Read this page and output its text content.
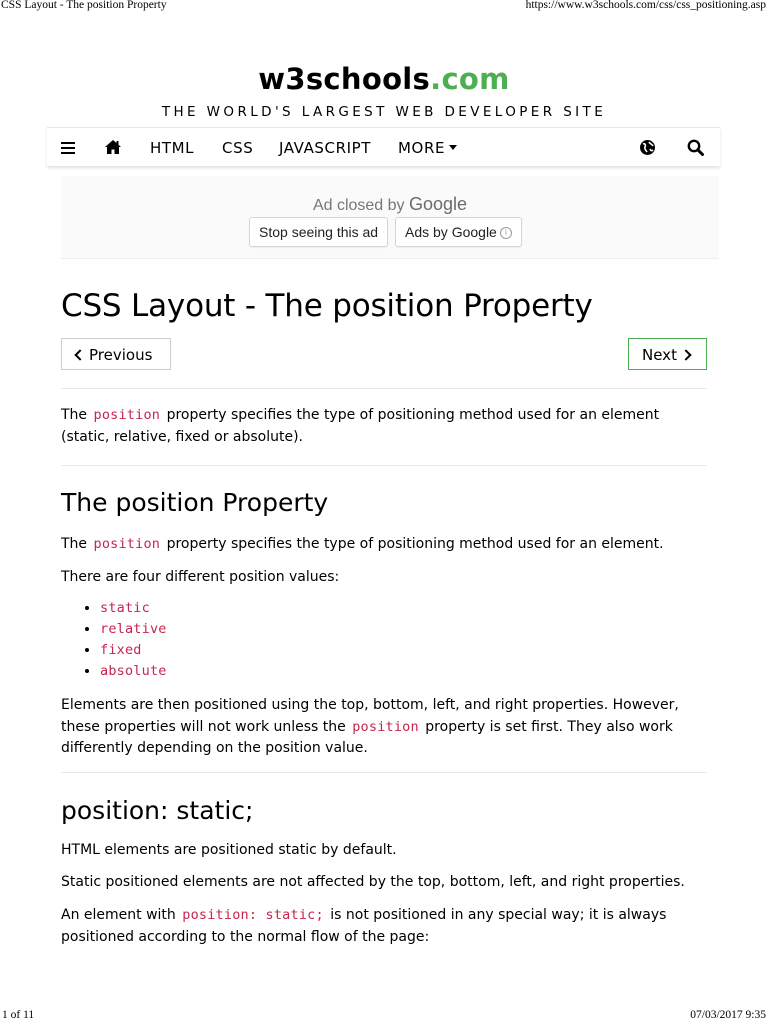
CSS Layout - The position Property	https://www.w3schools.com/css/css_positioning.asp
w3schools.com
THE WORLD'S LARGEST WEB DEVELOPER SITE
HTML CSS JAVASCRIPT MORE
Ad closed by Google
Stop seeing this ad	Ads by Google i
CSS Layout - The position Property
Previous	Next

The position property specifies the type of positioning method used for an element (static, relative, fixed or absolute).

The position Property

The position property specifies the type of positioning method used for an element.

There are four different position values:

• static
• relative
• fixed
• absolute

Elements are then positioned using the top, bottom, left, and right properties. However, these properties will not work unless the position property is set first. They also work differently depending on the position value.

position: static;

HTML elements are positioned static by default.

Static positioned elements are not affected by the top, bottom, left, and right properties.

An element with position: static; is not positioned in any special way; it is always positioned according to the normal flow of the page:

1 of 11	07/03/2017 9:35
